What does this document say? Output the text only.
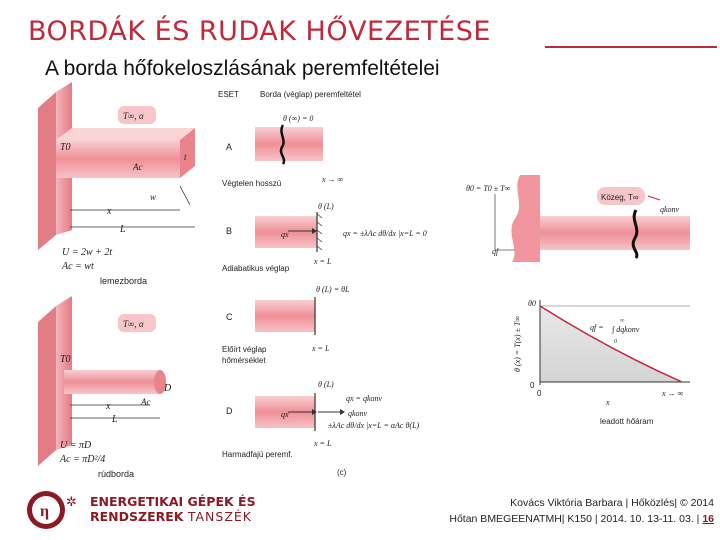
BORDÁK ÉS RUDAK HŐVEZETÉSE
A borda hőfokeloszlásának peremfeltételei
T∞, α
T0
Ac
t
w
x
L
U = 2w + 2t
Ac = wt
lemezborda
T∞, α
T0
D
Ac
x
L
U = πD
Ac = πD²/4
rúdborda
ESET	Borda (véglap) peremfeltétel
A
θ (∞) = 0
Végtelen hosszú	x → ∞
B	qx
θ (L)
qx = ±λAc dθ/dx |x=L = 0
Adiabatikus véglap
x = L
C
θ (L) = θL
Előírt véglap
hőmérséklet
x = L
D	qx	qkonv
θ (L)
qx = qkonv
±λAc dθ/dx |x=L = αAc θ(L)
Harmadfajú peremf.
x = L
(c)
Közeg, T∞
qkonv
θ0 = T0 ± T∞
qf
θ (x) = T(x) ± T∞
θ0
qf =
∞
∫ dqkonv
0
0
0
x
x → ∞
leadott hőáram
η
✲ ENERGETIKAI GÉPEK ÉS
RENDSZEREK TANSZÉK
Kovács Viktória Barbara | Hőközlés| © 2014
Hőtan BMEGEENATMH| K150 | 2014. 10. 13-11. 03. | 16
